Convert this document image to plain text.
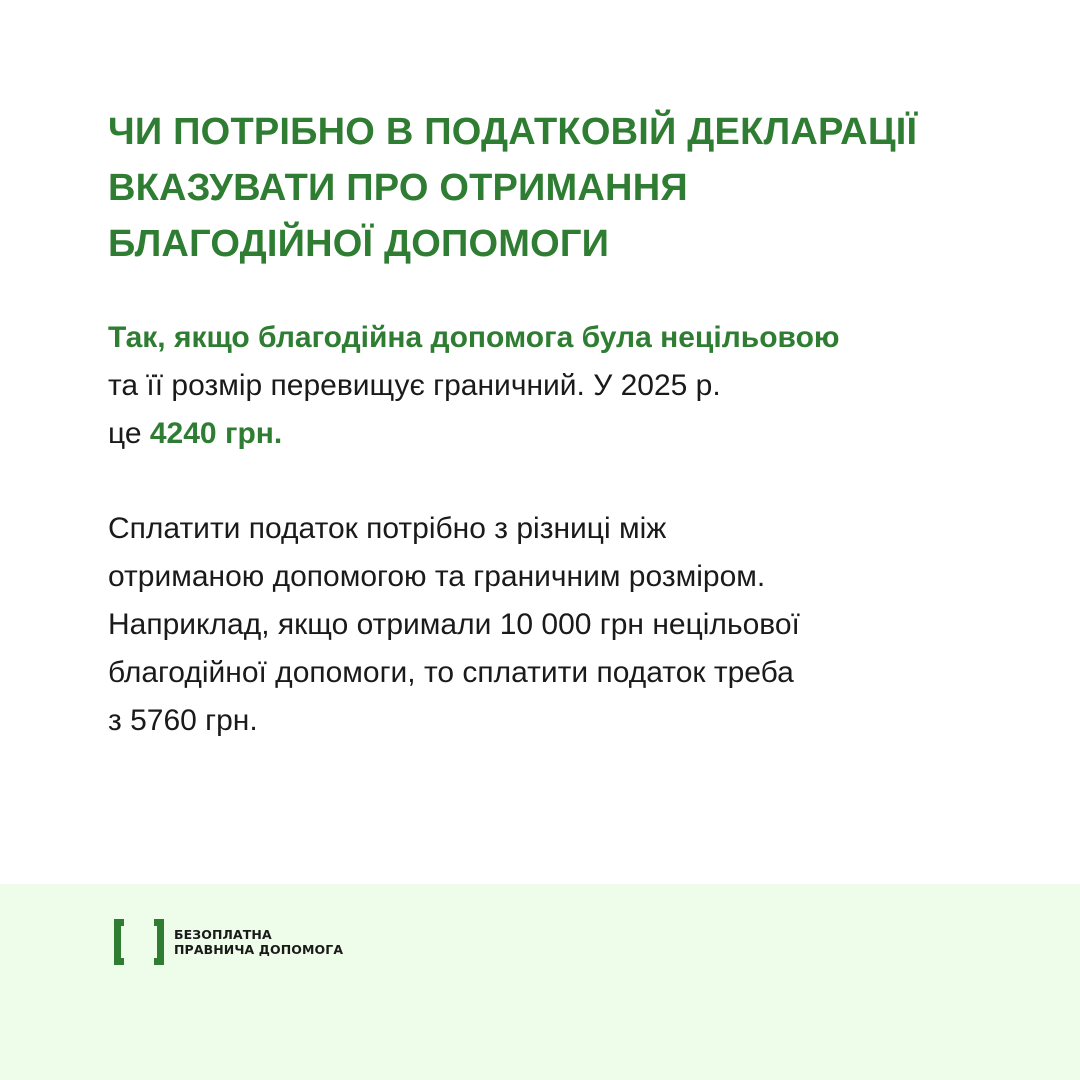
ЧИ ПОТРІБНО В ПОДАТКОВІЙ ДЕКЛАРАЦІЇ
ВКАЗУВАТИ ПРО ОТРИМАННЯ
БЛАГОДІЙНОЇ ДОПОМОГИ

Так, якщо благодійна допомога була нецільовою
та її розмір перевищує граничний. У 2025 р.
це 4240 грн.

Сплатити податок потрібно з різниці між
отриманою допомогою та граничним розміром.
Наприклад, якщо отримали 10 000 грн нецільової
благодійної допомоги, то сплатити податок треба
з 5760 грн.

БЕЗОПЛАТНА
ПРАВНИЧА ДОПОМОГА
